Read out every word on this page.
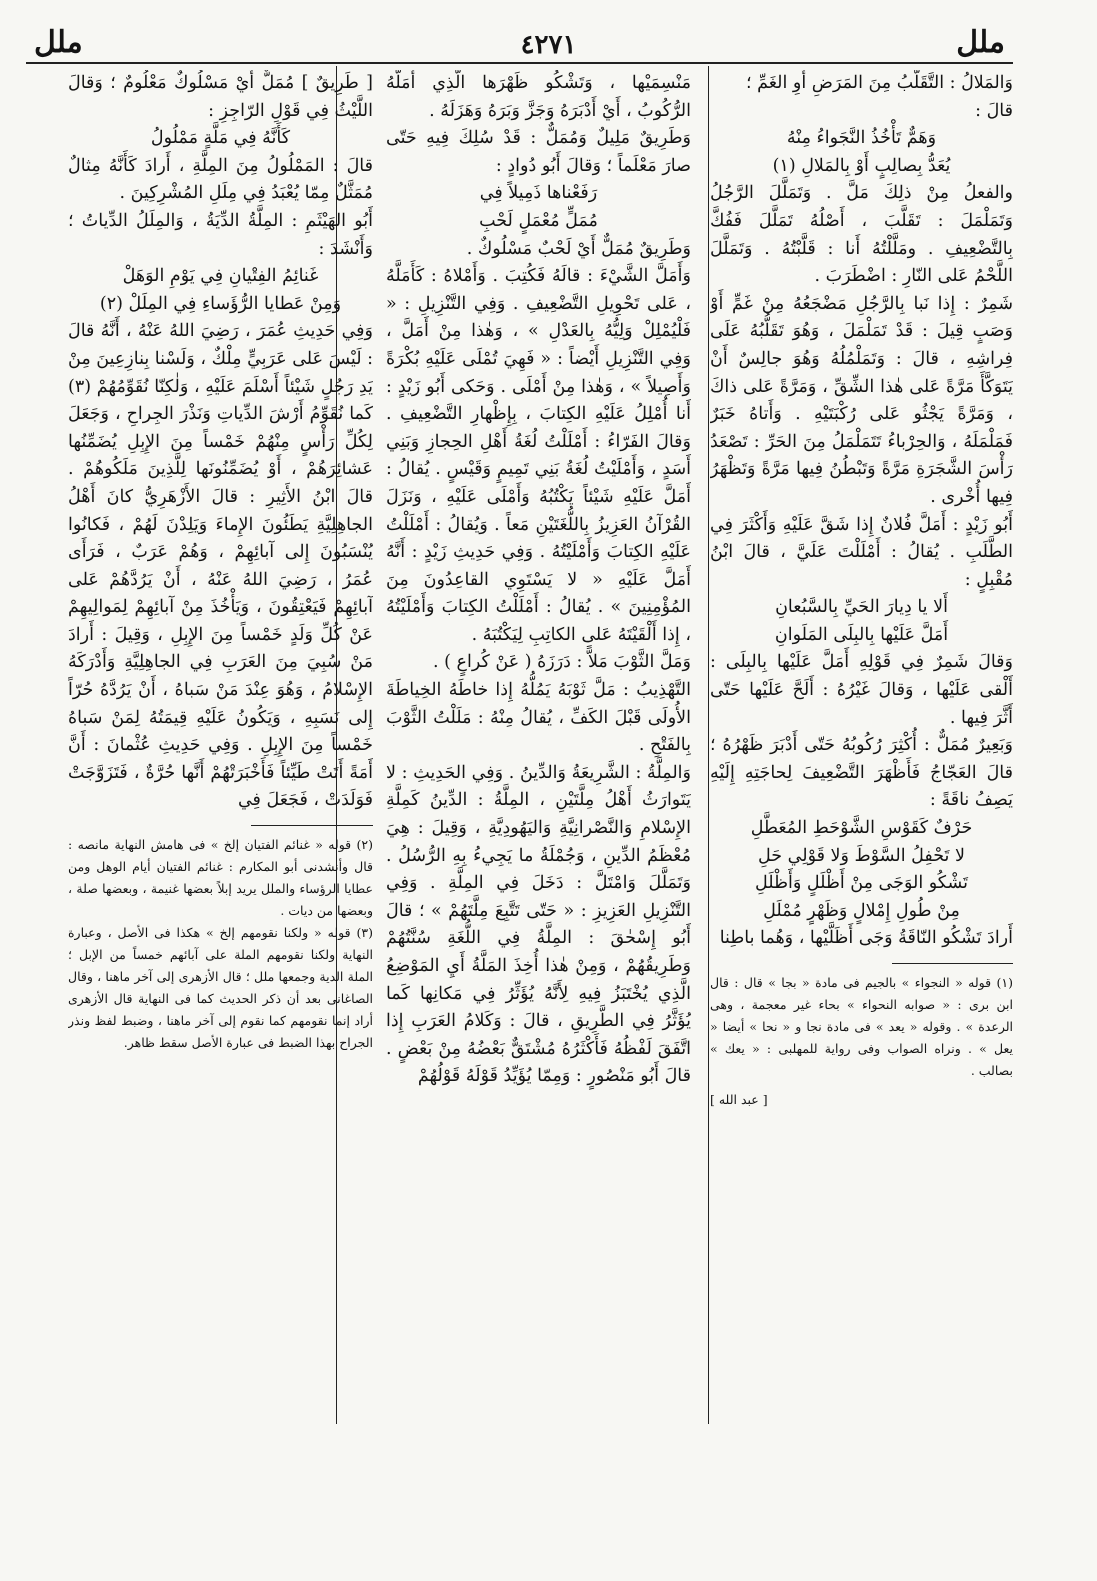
ملل
٤٢٧١
ملل

وَالمَلالُ : التَّقَلُّبُ مِنَ المَرَضِ أَوِ الغَمِّ ؛

قالَ :

وَهَمٌّ تَأْخُذُ النَّجَواءُ مِنْهُ

يُعَدُّ بِصالِبٍ أَوْ بِالمَلالِ (١)

والفعلُ مِنْ ذلِكَ مَلَّ . وَتَمَلَّلَ الرَّجُلُ وَتَمَلْمَلَ : تَقَلَّبَ ، أَصْلُهُ تَمَلَّلَ فَفُكَّ بِالتَّضْعِيفِ . ومَلَّلْتُهُ أَنا : قَلَّبْتُهُ . وَتَمَلَّلَ اللَّحْمُ عَلى النّارِ : اضْطَرَبَ .

شَمِرٌ : إِذا نَبا بِالرَّجُلِ مَضْجَعُهُ مِنْ غَمٍّ أَوْ وَصَبٍ قِيلَ : قَدْ تَمَلْمَلَ ، وَهُوَ تَقَلُّبُهُ عَلَى فِراشِهِ ، قالَ : وَتَمَلْمُلُهُ وَهُوَ جالِسٌ أَنْ يَتَوَكَّأَ مَرَّةً عَلى هٰذا الشِّقِّ ، وَمَرَّةً عَلى ذاكَ ، وَمَرَّةً يَجْثُو عَلى رُكْبَتَيْهِ . وَأَتاهُ خَبَرٌ فَمَلْمَلَهُ ، وَالحِرْباءُ تَتَمَلْمَلُ مِنَ الحَرِّ : تَصْعَدُ رَأْسَ الشَّجَرَةِ مَرَّةً وَتَبْطُنُ فِيها مَرَّةً وَتَظْهَرُ فِيها أُخْرى .

أَبُو زَيْدٍ : أَمَلَّ فُلانٌ إِذا شَقَّ عَلَيْهِ وَأَكْثَرَ فِي الطَّلَبِ . يُقالُ : أَمْلَلْتَ عَلَيَّ ، قالَ ابْنُ مُقْبِلٍ :

أَلا يا دِيارَ الحَيِّ بِالسَّبُعانِ

أَمَلَّ عَلَيْها بِالبِلَى المَلَوانِ

وَقالَ شَمِرٌ فِي قَوْلِهِ أَمَلَّ عَلَيْها بِالبِلَى : أَلْقى عَلَيْها ، وَقالَ غَيْرُهُ : أَلَحَّ عَلَيْها حَتّى أَثَّرَ فِيها .

وَبَعِيرٌ مُمَلٌّ : أُكْثِرَ رُكُوبُهُ حَتّى أَدْبَرَ ظَهْرُهُ ؛ قالَ العَجّاجُ فَأَظْهَرَ التَّضْعِيفَ لِحاجَتِهِ إِلَيْهِ يَصِفُ ناقَةً :

حَرْفٌ كَقَوْسِ الشَّوْحَطِ المُعَطَّلِ

لا تَحْفِلُ السَّوْطَ وَلا قَوْلِي حَلِ

تَشْكُو الوَجَى مِنْ أَظْلَلٍ وَأَظْلَلِ

مِنْ طُولِ إِمْلالٍ وَظَهْرٍ مُمْلَلِ

أَرادَ تَشْكُو النّاقَةُ وَجَى أَظَلَّيْها ، وَهُما باطِنا

(١) قوله « النجواء » بالجيم فى مادة « بجا » قال : قال ابن برى : « صوابه النحواء » بحاء غير معجمة ، وهى الرعدة » . وقوله « يعد » فى مادة نجا و « نحا » أيضا « يعل » . ونراه الصواب وفى رواية للمهلبى : « يعك » بصالب .

[ عبد الله ]

مَنْسِمَيْها ، وَتَشْكُو ظَهْرَها الَّذِي أَمَلَّهُ الرُّكُوبُ ، أَيْ أَدْبَرَهُ وَجَزَّ وَبَرَهُ وَهَزَلَهُ .

وَطَرِيقٌ مَلِيلٌ وَمُمَلٌّ : قَدْ سُلِكَ فِيهِ حَتّى صارَ مَعْلَماً ؛ وَقالَ أَبُو دُوادٍ :

رَفَعْناها ذَمِيلاً فِي

مُمَلٍّ مُعْمَلٍ لَحْبِ

وَطَرِيقٌ مُمَلٌّ أَيْ لَحْبٌ مَسْلُوكٌ .

وَأَمَلَّ الشَّيْءَ : قالَهُ فَكُتِبَ . وَأَمْلاهُ : كَأَمَلَّهُ ، عَلى تَحْوِيلِ التَّضْعِيفِ . وَفِي التَّنْزِيلِ : « فَلْيُمْلِلْ وَلِيُّهُ بِالعَدْلِ » ، وَهٰذا مِنْ أَمَلَّ ، وَفِي التَّنْزِيلِ أَيْضاً : « فَهِيَ تُمْلَى عَلَيْهِ بُكْرَةً وَأَصِيلاً » ، وَهٰذا مِنْ أَمْلَى . وَحَكى أَبُو زَيْدٍ : أَنا أُمْلِلُ عَلَيْهِ الكِتابَ ، بِإِظْهارِ التَّضْعِيفِ . وَقالَ الفَرّاءُ : أَمْلَلْتُ لُغَةُ أَهْلِ الحِجازِ وَبَنِي أَسَدٍ ، وَأَمْلَيْتُ لُغَةُ بَنِي تَمِيمٍ وَقَيْسٍ . يُقالُ : أَمَلَّ عَلَيْهِ شَيْئاً يَكْتُبُهُ وَأَمْلَى عَلَيْهِ ، وَنَزَلَ القُرْآنُ العَزِيزُ بِاللُّغَتَيْنِ مَعاً . وَيُقالُ : أَمْلَلْتُ عَلَيْهِ الكِتابَ وَأَمْلَيْتُهُ . وَفِي حَدِيثِ زَيْدٍ : أَنَّهُ أَمَلَّ عَلَيْهِ « لا يَسْتَوِي القاعِدُونَ مِنَ المُؤْمِنِينَ » . يُقالُ : أَمْلَلْتُ الكِتابَ وَأَمْلَيْتُهُ ، إِذا أَلْقَيْتَهُ عَلى الكاتِبِ لِيَكْتُبَهُ .

وَمَلَّ الثَّوْبَ مَلاًّ : دَرَزَهُ ( عَنْ كُراعٍ ) .

التَّهْذِيبُ : مَلَّ ثَوْبَهُ يَمُلُّهُ إِذا خاطَهُ الخِياطَةَ الأُولَى قَبْلَ الكَفِّ ، يُقالُ مِنْهُ : مَلَلْتُ الثَّوْبَ بِالفَتْحِ .

وَالمِلَّةُ : الشَّرِيعَةُ وَالدِّينُ . وَفِي الحَدِيثِ : لا يَتَوارَثُ أَهْلُ مِلَّتَيْنِ ، المِلَّةُ : الدِّينُ كَمِلَّةِ الإِسْلامِ وَالنَّصْرانِيَّةِ وَاليَهُودِيَّةِ ، وَقِيلَ : هِيَ مُعْظَمُ الدِّينِ ، وَجُمْلَةُ ما يَجِيءُ بِهِ الرُّسُلُ . وَتَمَلَّلَ وَامْتَلَّ : دَخَلَ فِي المِلَّةِ . وَفِي التَّنْزِيلِ العَزِيزِ : « حَتّى تَتَّبِعَ مِلَّتَهُمْ » ؛ قالَ أَبُو إِسْحٰقَ : المِلَّةُ فِي اللُّغَةِ سُنَّتُهُمْ وَطَرِيقُهُمْ ، وَمِنْ هٰذا أُخِذَ المَلَّةُ أَيِ المَوْضِعُ الَّذِي يُخْتَبَزُ فِيهِ لِأَنَّهُ يُؤَثِّرُ فِي مَكانِها كَما يُؤَثَّرُ فِي الطَّرِيقِ ، قالَ : وَكَلامُ العَرَبِ إِذا اتَّفَقَ لَفْظُهُ فَأَكْثَرُهُ مُشْتَقٌّ بَعْضُهُ مِنْ بَعْضٍ . قالَ أَبُو مَنْصُورٍ : وَمِمّا يُؤَيِّدُ قَوْلَهُ قَوْلُهُمْ

[ طَرِيقٌ ] مُمَلٌّ أَيْ مَسْلُوكٌ مَعْلُومٌ ؛ وَقالَ اللَّيْثُ فِي قَوْلِ الرّاجِزِ :

كَأَنَّهُ فِي مَلَّةٍ مَمْلُولُ

قالَ : المَمْلُولُ مِنَ المِلَّةِ ، أَرادَ كَأَنَّهُ مِثالٌ مُمَثَّلٌ مِمّا يُعْبَدُ فِي مِلَلِ المُشْرِكِينَ .

أَبُو الهَيْثَمِ : المِلَّةُ الدِّيَةُ ، وَالمِلَلُ الدِّياتُ ؛ وَأَنْشَدَ :

غَنائِمُ الفِتْيانِ فِي يَوْمِ الوَهَلْ

وَمِنْ عَطايا الرُّؤَساءِ فِي المِلَلْ (٢)

وَفِي حَدِيثِ عُمَرَ ، رَضِيَ اللهُ عَنْهُ ، أَنَّهُ قالَ : لَيْسَ عَلى عَرَبِيٍّ مِلْكٌ ، وَلَسْنا بِنازِعِينَ مِنْ يَدِ رَجُلٍ شَيْئاً أَسْلَمَ عَلَيْهِ ، وَلٰكِنّا نُقَوِّمُهُمْ (٣) كَما نُقَوِّمُ أَرْشَ الدِّياتِ وَنَذْرَ الجِراحِ ، وَجَعَلَ لِكُلِّ رَأْسٍ مِنْهُمْ خَمْساً مِنَ الإِبِلِ يُضَمِّنُها عَشائِرَهُمْ ، أَوْ يُضَمِّنُونَها لِلَّذِينَ مَلَكُوهُمْ . قالَ ابْنُ الأَثِيرِ : قالَ الأَزْهَرِيُّ كانَ أَهْلُ الجاهِلِيَّةِ يَطَئُونَ الإِماءَ وَيَلِدْنَ لَهُمْ ، فَكانُوا يُنْسَبُونَ إِلى آبائِهِمْ ، وَهُمْ عَرَبٌ ، فَرَأَى عُمَرُ ، رَضِيَ اللهُ عَنْهُ ، أَنْ يَرُدَّهُمْ عَلى آبائِهِمْ فَيَعْتِقُونَ ، وَيَأْخُذَ مِنْ آبائِهِمْ لِمَوالِيهِمْ عَنْ كُلِّ وَلَدٍ خَمْساً مِنَ الإِبِلِ ، وَقِيلَ : أَرادَ مَنْ سُبِيَ مِنَ العَرَبِ فِي الجاهِلِيَّةِ وَأَدْرَكَهُ الإِسْلامُ ، وَهُوَ عِنْدَ مَنْ سَباهُ ، أَنْ يَرُدَّهُ حُرّاً إِلى نَسَبِهِ ، وَيَكُونُ عَلَيْهِ قِيمَتُهُ لِمَنْ سَباهُ خَمْساً مِنَ الإِبِلِ . وَفِي حَدِيثِ عُثْمانَ : أَنَّ أَمَةً أَتَتْ طَيِّئاً فَأَخْبَرَتْهُمْ أَنَّها حُرَّةٌ ، فَتَزَوَّجَتْ فَوَلَدَتْ ، فَجَعَلَ فِي

(٢) قوله « غنائم الفتيان إلخ » فى هامش النهاية مانصه : قال وأنشدنى أبو المكارم : غنائم الفتيان أيام الوهل ومن عطايا الرؤساء والملل يريد إبلاً بعضها غنيمة ، وبعضها صلة ، وبعضها من ديات .

(٣) قوله « ولكنا نقومهم إلخ » هكذا فى الأصل ، وعبارة النهاية ولكنا نقومهم الملة على آبائهم خمساً من الإبل ؛ الملة الدية وجمعها ملل ؛ قال الأزهرى إلى آخر ماهنا ، وقال الصاغانى بعد أن ذكر الحديث كما فى النهاية قال الأزهرى أراد إنما نقومهم كما نقوم إلى آخر ماهنا ، وضبط لفظ ونذر الجراح بهذا الضبط فى عبارة الأصل سقط ظاهر.
